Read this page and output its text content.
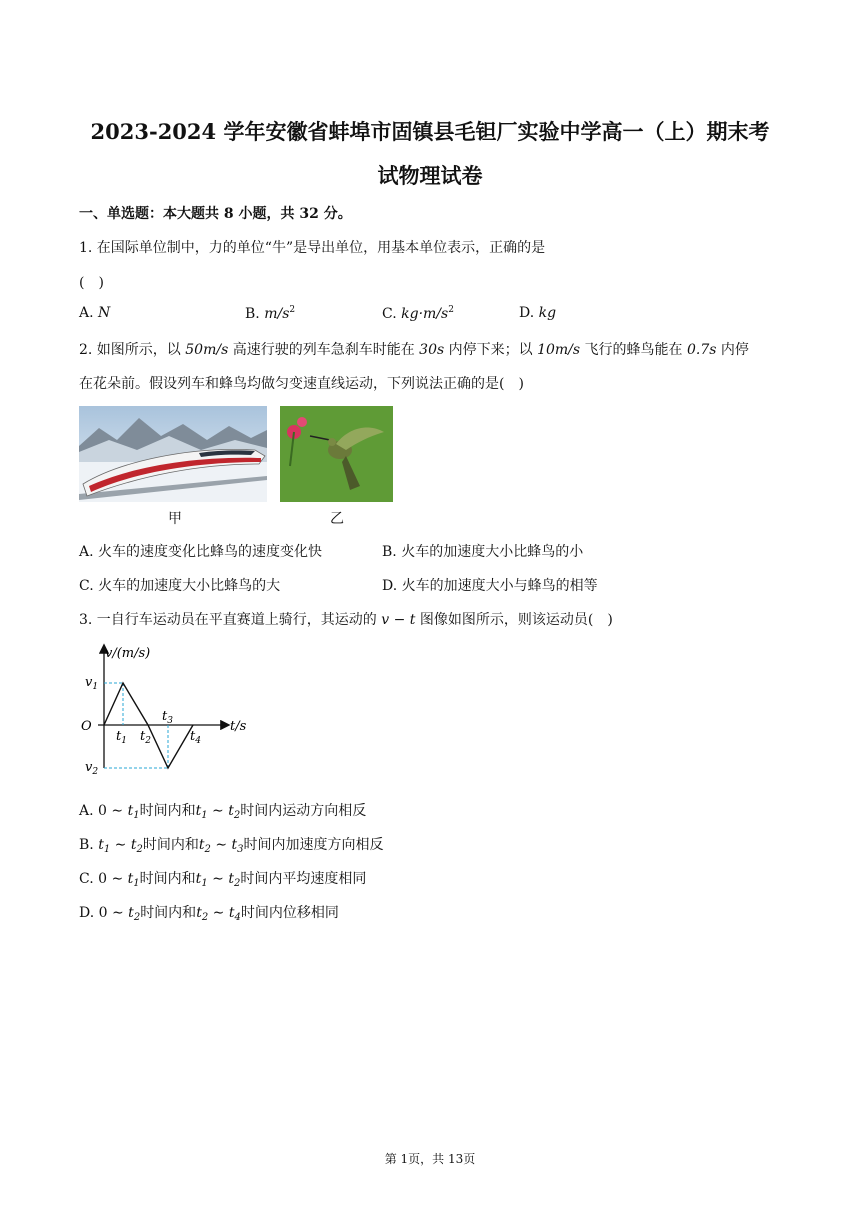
2023-2024 学年安徽省蚌埠市固镇县毛钽厂实验中学高一（上）期末考
试物理试卷
一、单选题：本大题共 8 小题，共 32 分。
1. 在国际单位制中，力的单位“牛”是导出单位，用基本单位表示，正确的是
(　)
A. N	B. $m/s^2$	C. $kg\cdot m/s^2$	D. kg
2. 如图所示，以 50m/s 高速行驶的列车急刹车时能在 30s 内停下来；以 10m/s 飞行的蜂鸟能在 0.7s 内停
在花朵前。假设列车和蜂鸟均做匀变速直线运动，下列说法正确的是(　)
甲	乙
A. 火车的速度变化比蜂鸟的速度变化快	B. 火车的加速度大小比蜂鸟的小
C. 火车的加速度大小比蜂鸟的大	D. 火车的加速度大小与蜂鸟的相等
3. 一自行车运动员在平直赛道上骑行，其运动的 v − t 图像如图所示，则该运动员(　)
v/(m/s)
t/s
O
$v_1$
$v_2$
$t_1$ $t_2$
$t_3$
$t_4$
A. 0 ∼ $t_1$时间内和$t_1$ ∼ $t_2$时间内运动方向相反
B. $t_1$ ∼ $t_2$时间内和$t_2$ ∼ $t_3$时间内加速度方向相反
C. 0 ∼ $t_1$时间内和$t_1$ ∼ $t_2$时间内平均速度相同
D. 0 ∼ $t_2$时间内和$t_2$ ∼ $t_4$时间内位移相同
第 1页，共 13页
